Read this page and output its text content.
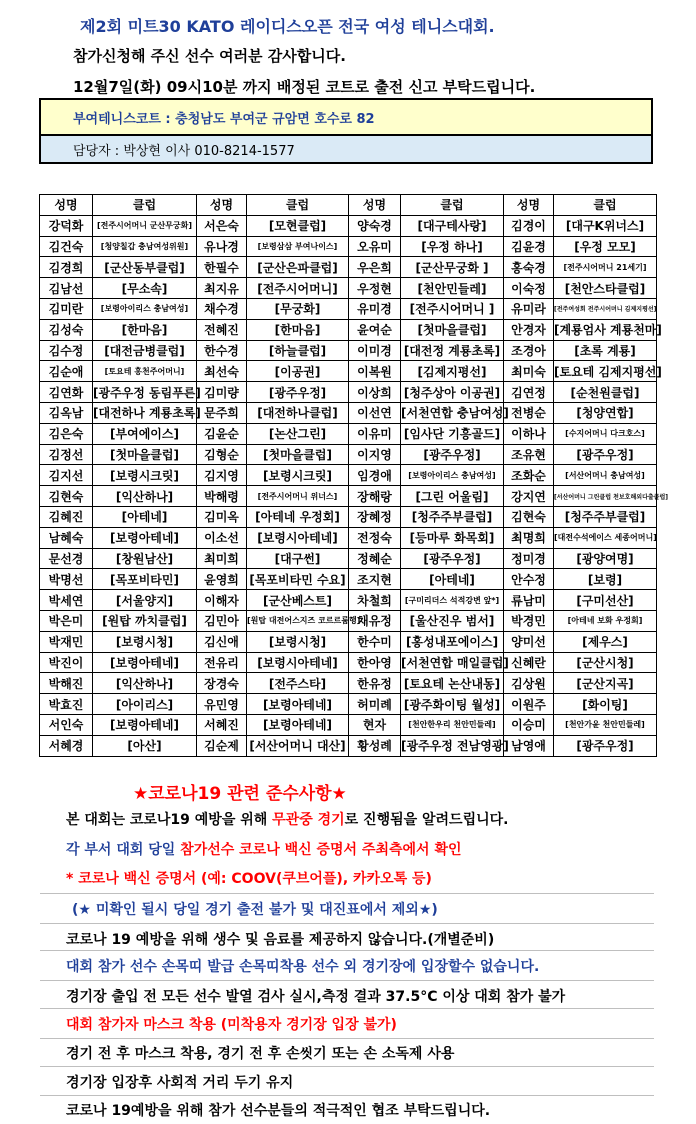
제2회 미트30 KATO 레이디스오픈 전국 여성 테니스대회.
참가신청해 주신 선수 여러분 감사합니다.
12월7일(화) 09시10분 까지 배정된 코트로 출전 신고 부탁드립니다.
부여테니스코트 : 충청남도 부여군 규암면 호수로 82
담당자 : 박상현 이사 010-8214-1577
성명	클럽	성명	클럽	성명	클럽	성명	클럽
강덕화	[전주시어머니 군산무궁화]	서은숙	[모현클럽]	양숙경	[대구테사랑]	김경이	[대구K위너스]
김건숙	[청양칠갑 충남여성위원]	유나경	[보령삼삼 부여나이스]	오유미	[우정 하나]	김윤경	[우정 모모]
김경희	[군산동부클럽]	한필수	[군산은파클럽]	우은희	[군산무궁화 ]	홍숙경	[전주시어머니 21세기]
김남선	[무소속]	최지유	[전주시어머니]	우정현	[천안민들레]	이숙정	[천안스타클럽]
김미란	[보령아이리스 충남여성]	채수경	[무궁화]	유미경	[전주시어머니 ]	유미라	[전주여성회 전주시어머니 김제지평선]
김성숙	[한마음]	전혜진	[한마음]	윤여순	[첫마을클럽]	안경자	[계룡엄사 계룡천마]
김수정	[대전금병클럽]	한수경	[하늘클럽]	이미경	[대전정 계룡초록]	조경아	[초록 계룡]
김순애	[토요테 홍천주어머니]	최선숙	[이공권]	이복원	[김제지평선]	최미숙	[토요테 김제지평선]
김연화	[광주우정 동림푸른]	김미량	[광주우정]	이상희	[청주상아 이공권]	김연정	[순천원클럽]
김옥남	[대전하나 계룡초록]	문주희	[대전하나클럽]	이선연	[서천연합 충남여성]	전병순	[청양연합]
김은숙	[부여에이스]	김윤순	[논산그린]	이유미	[임사단 기흥골드]	이하나	[수지어머니 다크호스]
김정선	[첫마을클럽]	김형순	[첫마을클럽]	이지영	[광주우정]	조유현	[광주우정]
김지선	[보령시크릿]	김지영	[보령시크릿]	임경애	[보령아이리스 충남여성]	조화순	[서산어머니 충남여성]
김현숙	[익산하나]	박해령	[전주시어머니 위너스]	장해랑	[그린 어울림]	강지연	[서산어머니 그린클럽 천보호해외다출클럽]
김혜진	[아테네]	김미옥	[아테네 우정회]	장혜정	[청주주부클럽]	김현숙	[청주주부클럽]
남혜숙	[보령아테네]	이소선	[보령시아테네]	전정숙	[등마루 화목회]	최명희	[대전수석에이스 세종어머니]
문선경	[창원남산]	최미희	[대구썬]	정혜순	[광주우정]	정미경	[광양여명]
박명선	[목포비타민]	윤영희	[목포비타민 수요]	조지현	[아테네]	안수정	[보령]
박세연	[서울양지]	이해자	[군산베스트]	차철희	[구미리더스 석적강변 앞*]	류남미	[구미선산]
박은미	[원탑 까치클럽]	김민아	[원탑 대전어스지즈 코르르룸행]	채유정	[울산진우 범서]	박경민	[아테네 보화 우정회]
박재민	[보령시청]	김신애	[보령시청]	한수미	[홍성내포에이스]	양미선	[제우스]
박진이	[보령아테네]	전유리	[보령시아테네]	한아영	[서천연합 매일클럽]	신혜란	[군산시청]
박해진	[익산하나]	장경숙	[전주스타]	한유정	[토요테 논산내동]	김상원	[군산지곡]
박효진	[아이리스]	유민영	[보령아테네]	허미례	[광주화이팅 월성]	이원주	[화이팅]
서인숙	[보령아테네]	서혜진	[보령아테네]	현자	[천안한우리 천안민들레]	이승미	[천안가윤 천안민들레]
서혜경	[아산]	김순제	[서산어머니 대산]	황성례	[광주우정 전남영광]	남영애	[광주우정]
★코로나19 관련 준수사항★
본 대회는 코로나19 예방을 위해 무관중 경기로 진행됨을 알려드립니다.
각 부서 대회 당일 참가선수 코로나 백신 증명서 주최측에서 확인
* 코로나 백신 증명서 (예: COOV(쿠브어플), 카카오톡 등)
(★ 미확인 될시 당일 경기 출전 불가 및 대진표에서 제외★)
코로나 19 예방을 위해 생수 및 음료를 제공하지 않습니다.(개별준비)
대회 참가 선수 손목띠 발급 손목띠착용 선수 외 경기장에 입장할수 없습니다.
경기장 출입 전 모든 선수 발열 검사 실시,측정 결과 37.5°C 이상 대회 참가 불가
대회 참가자 마스크 착용 (미착용자 경기장 입장 불가)
경기 전 후 마스크 착용, 경기 전 후 손씻기 또는 손 소독제 사용
경기장 입장후 사회적 거리 두기 유지
코로나 19예방을 위해 참가 선수분들의 적극적인 협조 부탁드립니다.
